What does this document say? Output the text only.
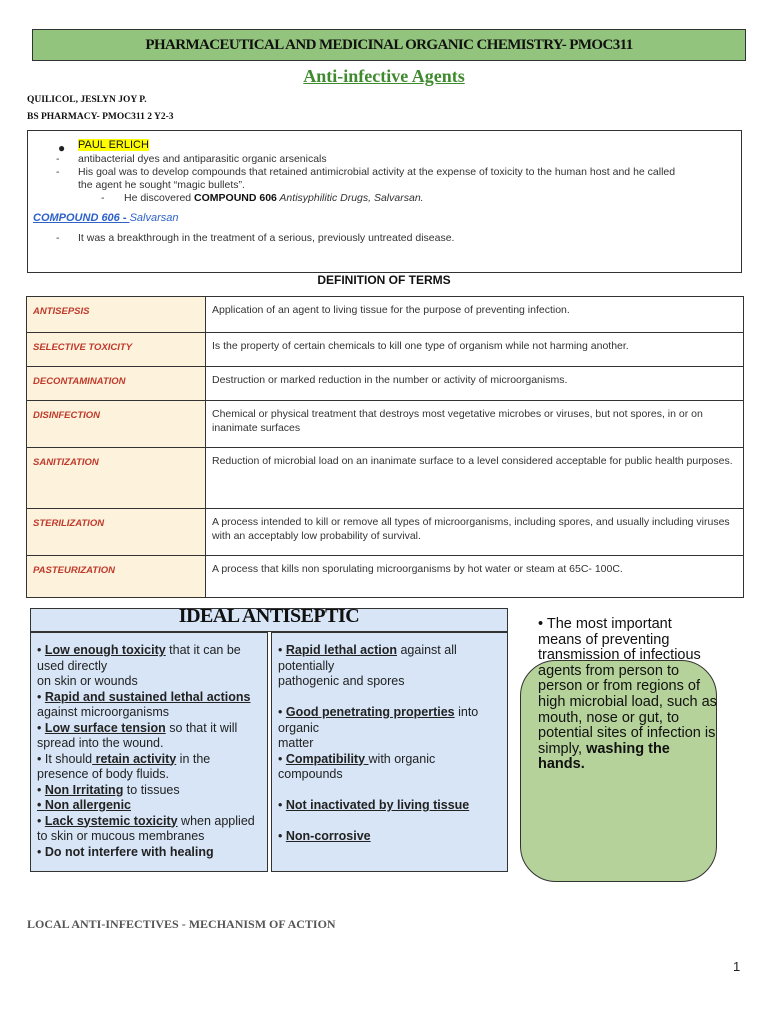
PHARMACEUTICAL AND MEDICINAL ORGANIC CHEMISTRY- PMOC311
Anti-infective Agents
QUILICOL, JESLYN JOY P.
BS PHARMACY- PMOC311 2 Y2-3
● PAUL ERLICH
- antibacterial dyes and antiparasitic organic arsenicals
- His goal was to develop compounds that retained antimicrobial activity at the expense of toxicity to the human host and he called
the agent he sought “magic bullets”.
- He discovered COMPOUND 606 Antisyphilitic Drugs, Salvarsan.
COMPOUND 606 - Salvarsan
- It was a breakthrough in the treatment of a serious, previously untreated disease.
DEFINITION OF TERMS
ANTISEPSIS	Application of an agent to living tissue for the purpose of preventing infection.
SELECTIVE TOXICITY	Is the property of certain chemicals to kill one type of organism while not harming another.
DECONTAMINATION	Destruction or marked reduction in the number or activity of microorganisms.
DISINFECTION	Chemical or physical treatment that destroys most vegetative microbes or viruses, but not spores, in or on inanimate surfaces
SANITIZATION	Reduction of microbial load on an inanimate surface to a level considered acceptable for public health purposes.
STERILIZATION	A process intended to kill or remove all types of microorganisms, including spores, and usually including viruses with an acceptably low probability of survival.
PASTEURIZATION	A process that kills non sporulating microorganisms by hot water or steam at 65C- 100C.
IDEAL ANTISEPTIC
• Low enough toxicity that it can be used directly
on skin or wounds
• Rapid and sustained lethal actions against microorganisms
• Low surface tension so that it will spread into the wound.
• It should retain activity in the presence of body fluids.
• Non Irritating to tissues
• Non allergenic
• Lack systemic toxicity when applied to skin or mucous membranes
• Do not interfere with healing
• Rapid lethal action against all potentially
pathogenic and spores

• Good penetrating properties into organic
matter
• Compatibility with organic compounds

• Not inactivated by living tissue

• Non-corrosive
• The most important means of preventing transmission of infectious agents from person to person or from regions of high microbial load, such as mouth, nose or gut, to potential sites of infection is simply, washing the hands.
LOCAL ANTI-INFECTIVES - MECHANISM OF ACTION
1
